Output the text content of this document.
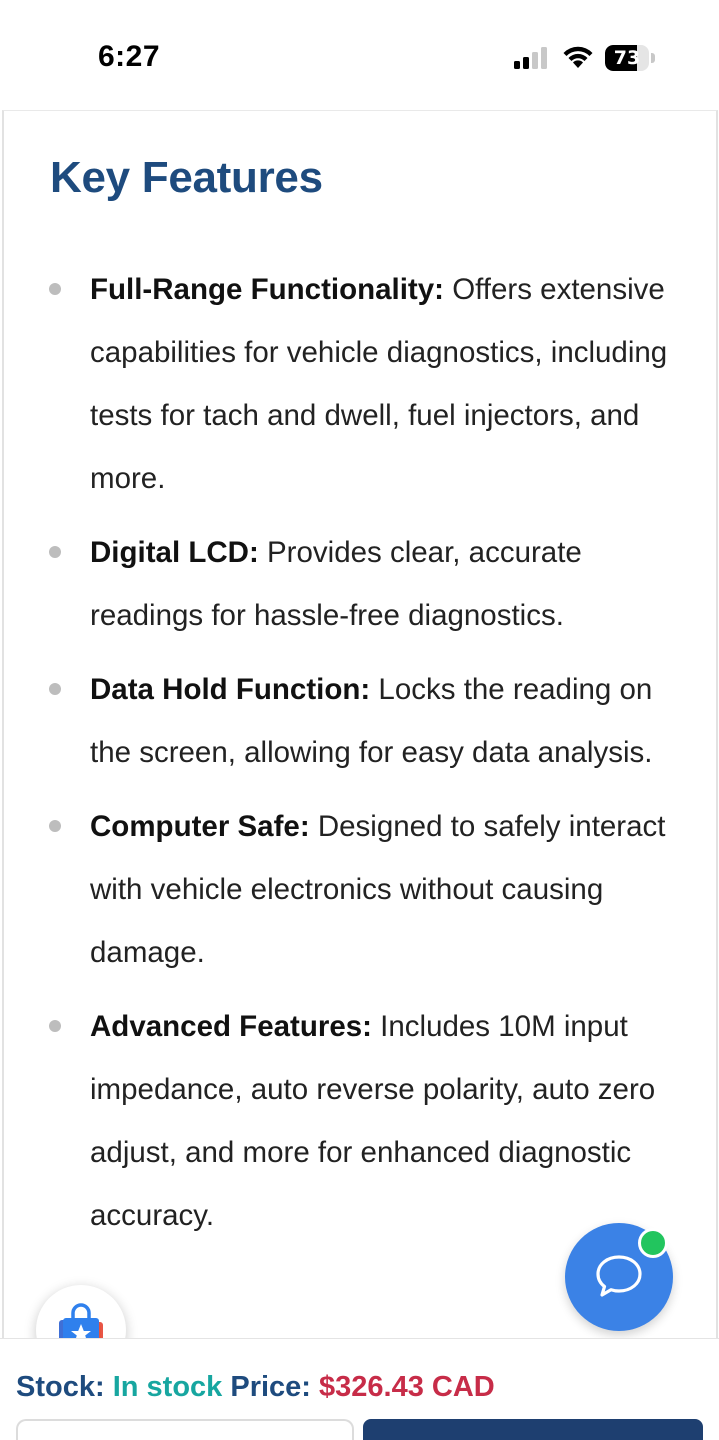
6:27	73
Key Features
Full-Range Functionality: Offers extensive capabilities for vehicle diagnostics, including tests for tach and dwell, fuel injectors, and more.
Digital LCD: Provides clear, accurate readings for hassle-free diagnostics.
Data Hold Function: Locks the reading on the screen, allowing for easy data analysis.
Computer Safe: Designed to safely interact with vehicle electronics without causing damage.
Advanced Features: Includes 10M input impedance, auto reverse polarity, auto zero adjust, and more for enhanced diagnostic accuracy.
Stock: In stock Price: $326.43 CAD
